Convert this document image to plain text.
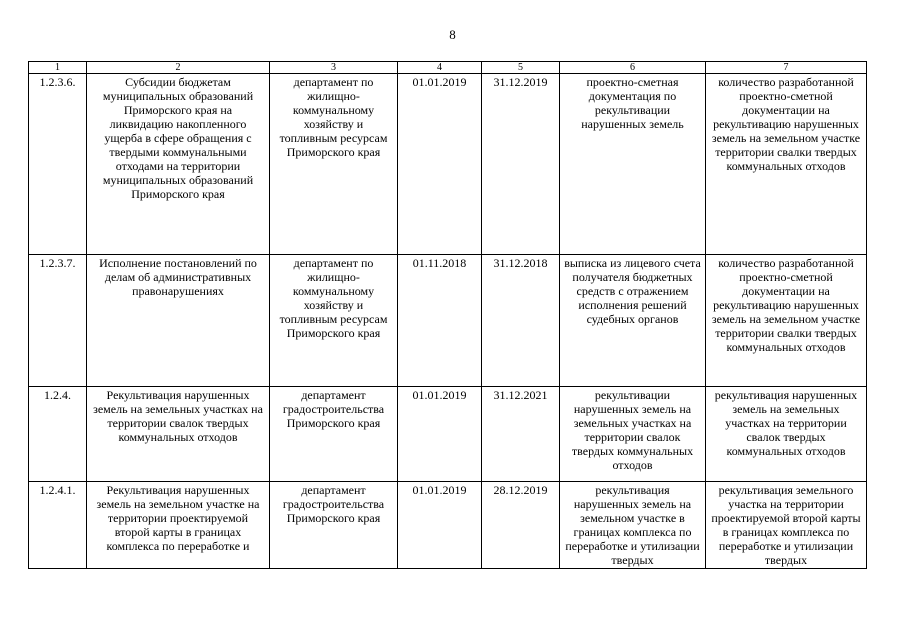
8
1	2	3	4	5	6	7
1.2.3.6.	Субсидии бюджетам муниципальных образований Приморского края на ликвидацию накопленного ущерба в сфере обращения с твердыми коммунальными отходами на территории муниципальных образований Приморского края	департамент по жилищно-коммунальному хозяйству и топливным ресурсам Приморского края	01.01.2019	31.12.2019	проектно-сметная документация по рекультивации нарушенных земель	количество разработанной проектно-сметной документации на рекультивацию нарушенных земель на земельном участке территории свалки твердых коммунальных отходов
1.2.3.7.	Исполнение постановлений по делам об административных правонарушениях	департамент по жилищно-коммунальному хозяйству и топливным ресурсам Приморского края	01.11.2018	31.12.2018	выписка из лицевого счета получателя бюджетных средств с отражением исполнения решений судебных органов	количество разработанной проектно-сметной документации на рекультивацию нарушенных земель на земельном участке территории свалки твердых коммунальных отходов
1.2.4.	Рекультивация нарушенных земель на земельных участках на территории свалок твердых коммунальных отходов	департамент градостроительства Приморского края	01.01.2019	31.12.2021	рекультивации нарушенных земель на земельных участках на территории свалок твердых коммунальных отходов	рекультивация нарушенных земель на земельных участках на территории свалок твердых коммунальных отходов
1.2.4.1.	Рекультивация нарушенных земель на земельном участке на территории проектируемой второй карты в границах комплекса по переработке и	департамент градостроительства Приморского края	01.01.2019	28.12.2019	рекультивация нарушенных земель на земельном участке в границах комплекса по переработке и утилизации твердых	рекультивация земельного участка на территории проектируемой второй карты в границах комплекса по переработке и утилизации твердых
